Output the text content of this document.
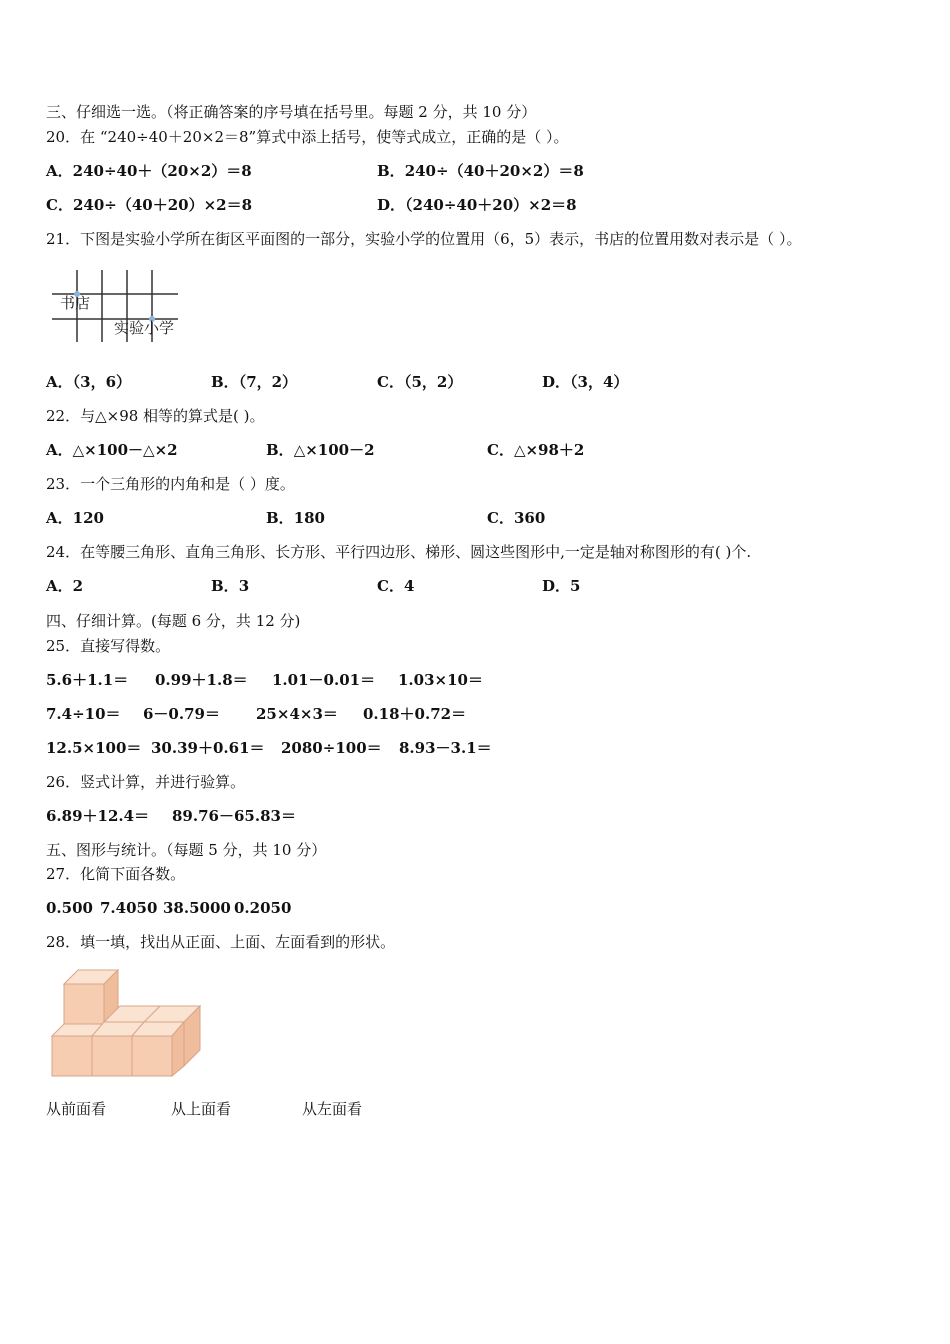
三、仔细选一选。（将正确答案的序号填在括号里。每题 2 分，共 10 分）
20．在 “240÷40＋20×2＝8”算式中添上括号，使等式成立，正确的是（ ）。
A．240÷40＋（20×2）＝8	B．240÷（40＋20×2）＝8
C．240÷（40＋20）×2＝8	D．（240÷40＋20）×2＝8
21．下图是实验小学所在街区平面图的一部分，实验小学的位置用（6，5）表示，书店的位置用数对表示是（ ）。
书店
实验小学
A．（3，6）	B．（7，2）	C．（5，2）	D．（3，4）
22．与△×98 相等的算式是( )。
A．△×100－△×2	B．△×100－2	C．△×98＋2
23．一个三角形的内角和是（ ）度。
A．120	B．180	C．360
24．在等腰三角形、直角三角形、长方形、平行四边形、梯形、圆这些图形中,一定是轴对称图形的有( )个.
A．2	B．3	C．4	D．5
四、仔细计算。(每题 6 分，共 12 分)
25．直接写得数。
5.6＋1.1＝ 0.99＋1.8＝ 1.01－0.01＝ 1.03×10＝
7.4÷10＝ 6－0.79＝ 25×4×3＝ 0.18＋0.72＝
12.5×100＝ 30.39＋0.61＝ 2080÷100＝ 8.93－3.1＝
26．竖式计算，并进行验算。
6.89＋12.4＝ 89.76－65.83＝
五、图形与统计。（每题 5 分，共 10 分）
27．化简下面各数。
0.500 7.4050 38.5000 0.2050
28．填一填，找出从正面、上面、左面看到的形状。
从前面看	从上面看	从左面看
